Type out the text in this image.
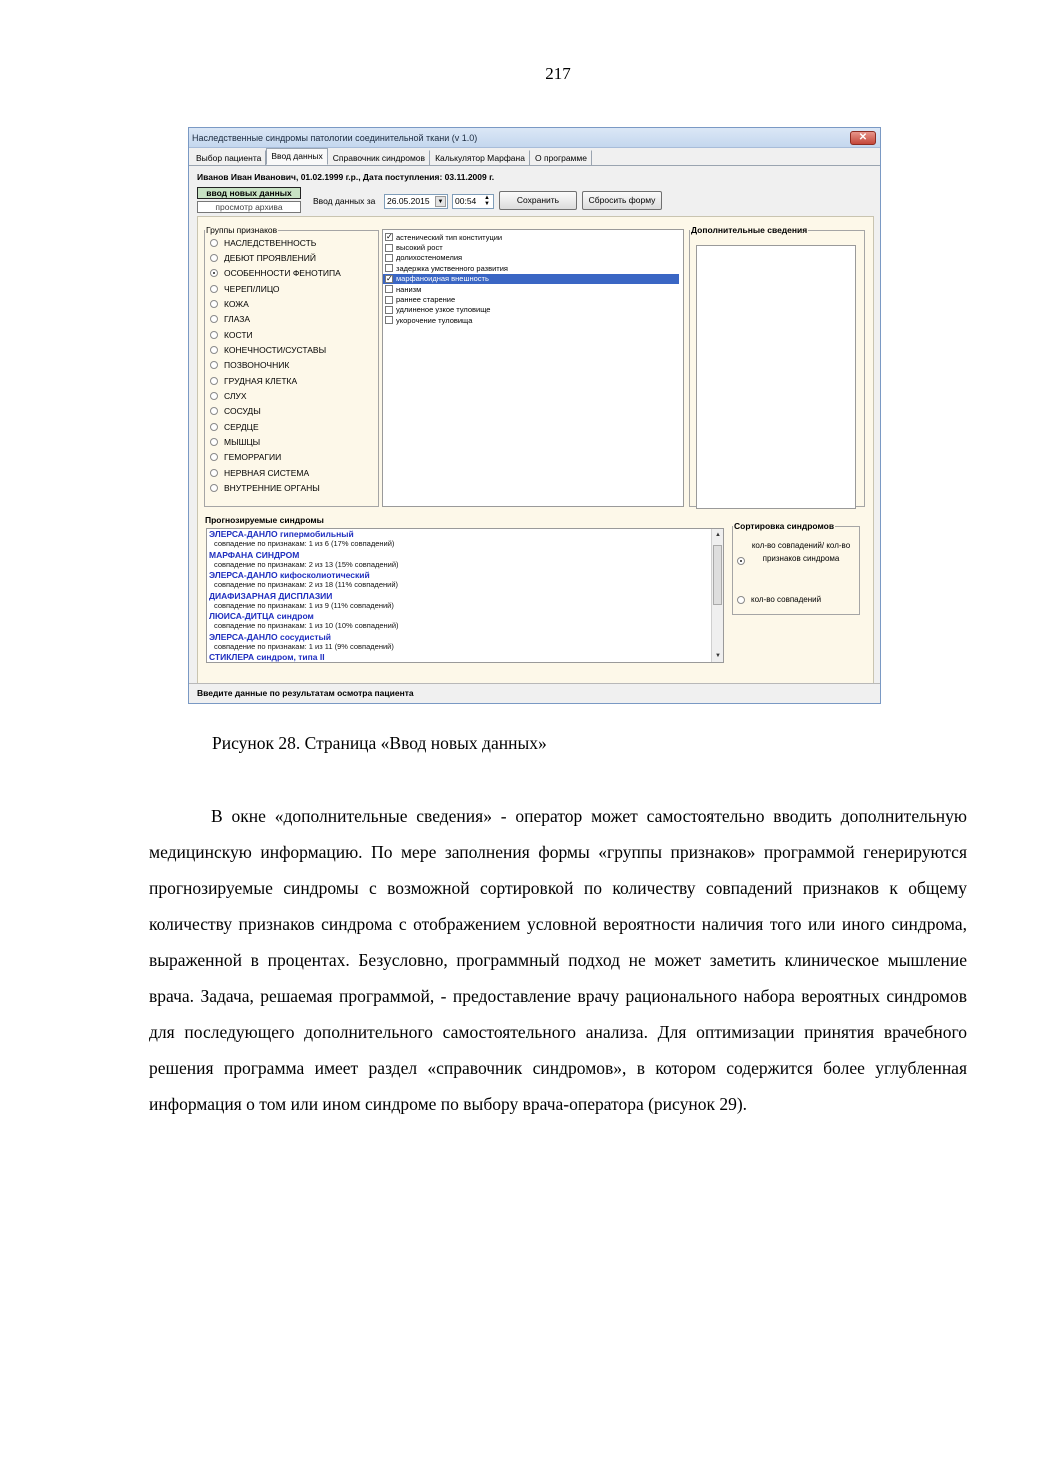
217
Наследственные синдромы патологии соединительной ткани (v 1.0)	✕
Выбор пациента	Ввод данных	Справочник синдромов	Калькулятор Марфана	О программе
Иванов Иван Иванович, 01.02.1999 г.р., Дата поступления: 03.11.2009 г.
ввод новых данных
просмотр архива
Ввод данных за	26.05.2015	▼	00:54	▲
▼	Сохранить	Сбросить форму
Группы признаков
НАСЛЕДСТВЕННОСТЬ
ДЕБЮТ ПРОЯВЛЕНИЙ
ОСОБЕННОСТИ ФЕНОТИПА
ЧЕРЕП/ЛИЦО
КОЖА
ГЛАЗА
КОСТИ
КОНЕЧНОСТИ/СУСТАВЫ
ПОЗВОНОЧНИК
ГРУДНАЯ КЛЕТКА
СЛУХ
СОСУДЫ
СЕРДЦЕ
МЫШЦЫ
ГЕМОРРАГИИ
НЕРВНАЯ СИСТЕМА
ВНУТРЕННИЕ ОРГАНЫ
✓ астенический тип конституции
высокий рост
долихостеномелия
задержка умственного развития
✓ марфаноидная внешность
нанизм
раннее старение
удлиненое узкое туловище
укорочение туловища
Дополнительные сведения
Прогнозируемые синдромы
ЭЛЕРСА-ДАНЛО гипермобильный
совпадение по признакам: 1 из 6 (17% совпадений)
МАРФАНА СИНДРОМ
совпадение по признакам: 2 из 13 (15% совпадений)
ЭЛЕРСА-ДАНЛО кифосколиотический
совпадение по признакам: 2 из 18 (11% совпадений)
ДИАФИЗАРНАЯ ДИСПЛАЗИИ
совпадение по признакам: 1 из 9 (11% совпадений)
ЛЮИСА-ДИТЦА синдром
совпадение по признакам: 1 из 10 (10% совпадений)
ЭЛЕРСА-ДАНЛО сосудистый
совпадение по признакам: 1 из 11 (9% совпадений)
СТИКЛЕРА синдром, типа II
▲
▼
Сортировка синдромов
кол-во совпадений/ кол-во признаков синдрома
кол-во совпадений
Введите данные по результатам осмотра пациента
Рисунок 28. Страница «Ввод новых данных»
В окне «дополнительные сведения» - оператор может самостоятельно вводить дополнительную медицинскую информацию. По мере заполнения формы «группы признаков» программой генерируются прогнозируемые синдромы с возможной сортировкой по количеству совпадений признаков к общему количеству признаков синдрома с отображением условной вероятности наличия того или иного синдрома, выраженной в процентах. Безусловно, программный подход не может заметить клиническое мышление врача. Задача, решаемая программой, - предоставление врачу рационального набора вероятных синдромов для последующего дополнительного самостоятельного анализа. Для оптимизации принятия врачебного решения программа имеет раздел «справочник синдромов», в котором содержится более углубленная информация о том или ином синдроме по выбору врача-оператора (рисунок 29).
